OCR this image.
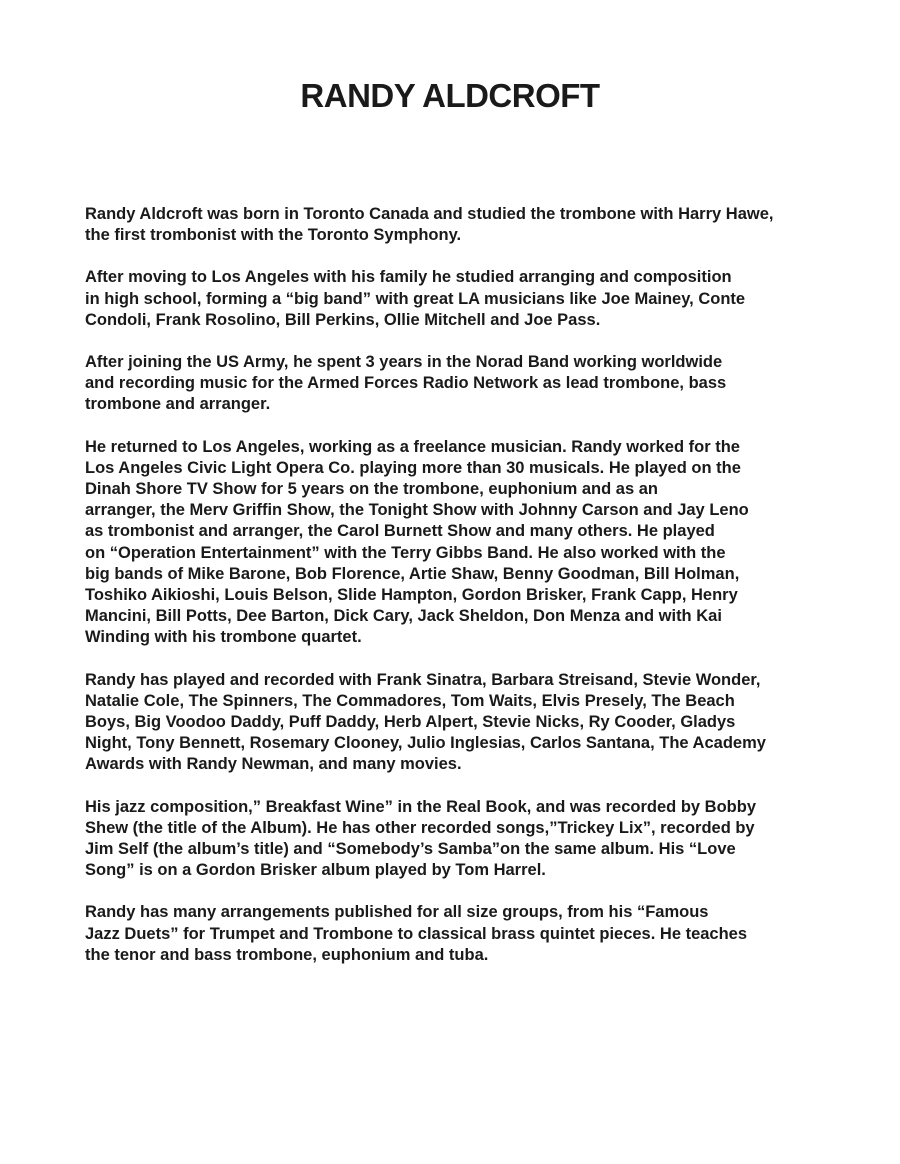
RANDY ALDCROFT

Randy Aldcroft was born in Toronto Canada and studied the trombone with Harry Hawe,
the first trombonist with the Toronto Symphony.

After moving to Los Angeles with his family he studied arranging and composition
in high school, forming a “big band” with great LA musicians like Joe Mainey, Conte
Condoli, Frank Rosolino, Bill Perkins, Ollie Mitchell and Joe Pass.

After joining the US Army, he spent 3 years in the Norad Band working worldwide
and recording music for the Armed Forces Radio Network as lead trombone, bass
trombone and arranger.

He returned to Los Angeles, working as a freelance musician. Randy worked for the
Los Angeles Civic Light Opera Co. playing more than 30 musicals. He played on the
Dinah Shore TV Show for 5 years on the trombone, euphonium and as an
arranger, the Merv Griffin Show, the Tonight Show with Johnny Carson and Jay Leno
as trombonist and arranger, the Carol Burnett Show and many others. He played
on “Operation Entertainment” with the Terry Gibbs Band. He also worked with the
big bands of Mike Barone, Bob Florence, Artie Shaw, Benny Goodman, Bill Holman,
Toshiko Aikioshi, Louis Belson, Slide Hampton, Gordon Brisker, Frank Capp, Henry
Mancini, Bill Potts, Dee Barton, Dick Cary, Jack Sheldon, Don Menza and with Kai
Winding with his trombone quartet.

Randy has played and recorded with Frank Sinatra, Barbara Streisand, Stevie Wonder,
Natalie Cole, The Spinners, The Commadores, Tom Waits, Elvis Presely, The Beach
Boys, Big Voodoo Daddy, Puff Daddy, Herb Alpert, Stevie Nicks, Ry Cooder, Gladys
Night, Tony Bennett, Rosemary Clooney, Julio Inglesias, Carlos Santana, The Academy
Awards with Randy Newman, and many movies.

His jazz composition,” Breakfast Wine” in the Real Book, and was recorded by Bobby
Shew (the title of the Album). He has other recorded songs,”Trickey Lix”, recorded by
Jim Self (the album’s title) and “Somebody’s Samba”on the same album. His “Love
Song” is on a Gordon Brisker album played by Tom Harrel.

Randy has many arrangements published for all size groups, from his “Famous
Jazz Duets” for Trumpet and Trombone to classical brass quintet pieces. He teaches
the tenor and bass trombone, euphonium and tuba.
